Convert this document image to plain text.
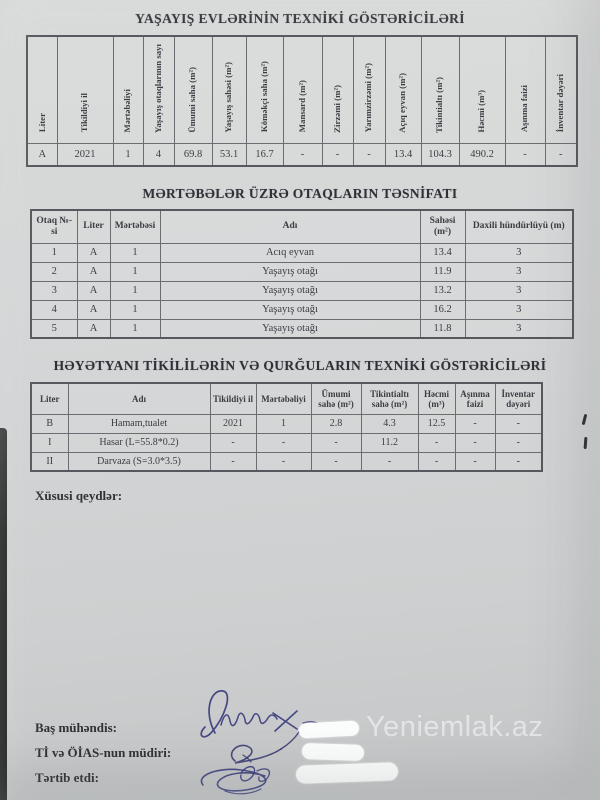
YAŞAYIŞ EVLƏRİNİN TEXNİKİ GÖSTƏRİCİLƏRİ
Liter	Tikildiyi il	Mərtəbəliyi	Yaşayış otaqlarının sayı	Ümumi saha (m²)	Yaşayış sahəsi (m²)	Köməkçi saha (m²)	Mansard (m²)	Zirzəmi (m²)	Yarımzirzəmi (m²)	Açıq eyvan (m²)	Tikintialtı (m²)	Həcmi (m³)	Aşınma faizi	İnventar dəyəri
A	2021	1	4	69.8	53.1	16.7	-	-	-	13.4	104.3	490.2	-	-
MƏRTƏBƏLƏR ÜZRƏ OTAQLARIN TƏSNİFATI
Otaq №-si	Liter	Mərtəbəsi	Adı	Sahəsi (m²)	Daxili hündürlüyü (m)
1	A	1	Acıq eyvan	13.4	3
2	A	1	Yaşayış otağı	11.9	3
3	A	1	Yaşayış otağı	13.2	3
4	A	1	Yaşayış otağı	16.2	3
5	A	1	Yaşayış otağı	11.8	3
HƏYƏTYANI TİKİLİLƏRİN VƏ QURĞULARIN TEXNİKİ GÖSTƏRİCİLƏRİ
Liter	Adı	Tikildiyi il	Mərtəbəliyi	Ümumi sahə (m²)	Tikintialtı sahə (m²)	Həcmi (m³)	Aşınma faizi	İnventar dəyəri
B	Hamam,tualet	2021	1	2.8	4.3	12.5	-	-
I	Hasar (L=55.8*0.2)	-	-	-	11.2	-	-	-
II	Darvaza (S=3.0*3.5)	-	-	-	-	-	-	-
Xüsusi qeydlər:
Baş mühəndis:
Tİ və ÖİAS-nun müdiri:
Tərtib etdi:
Yeniemlak.az
